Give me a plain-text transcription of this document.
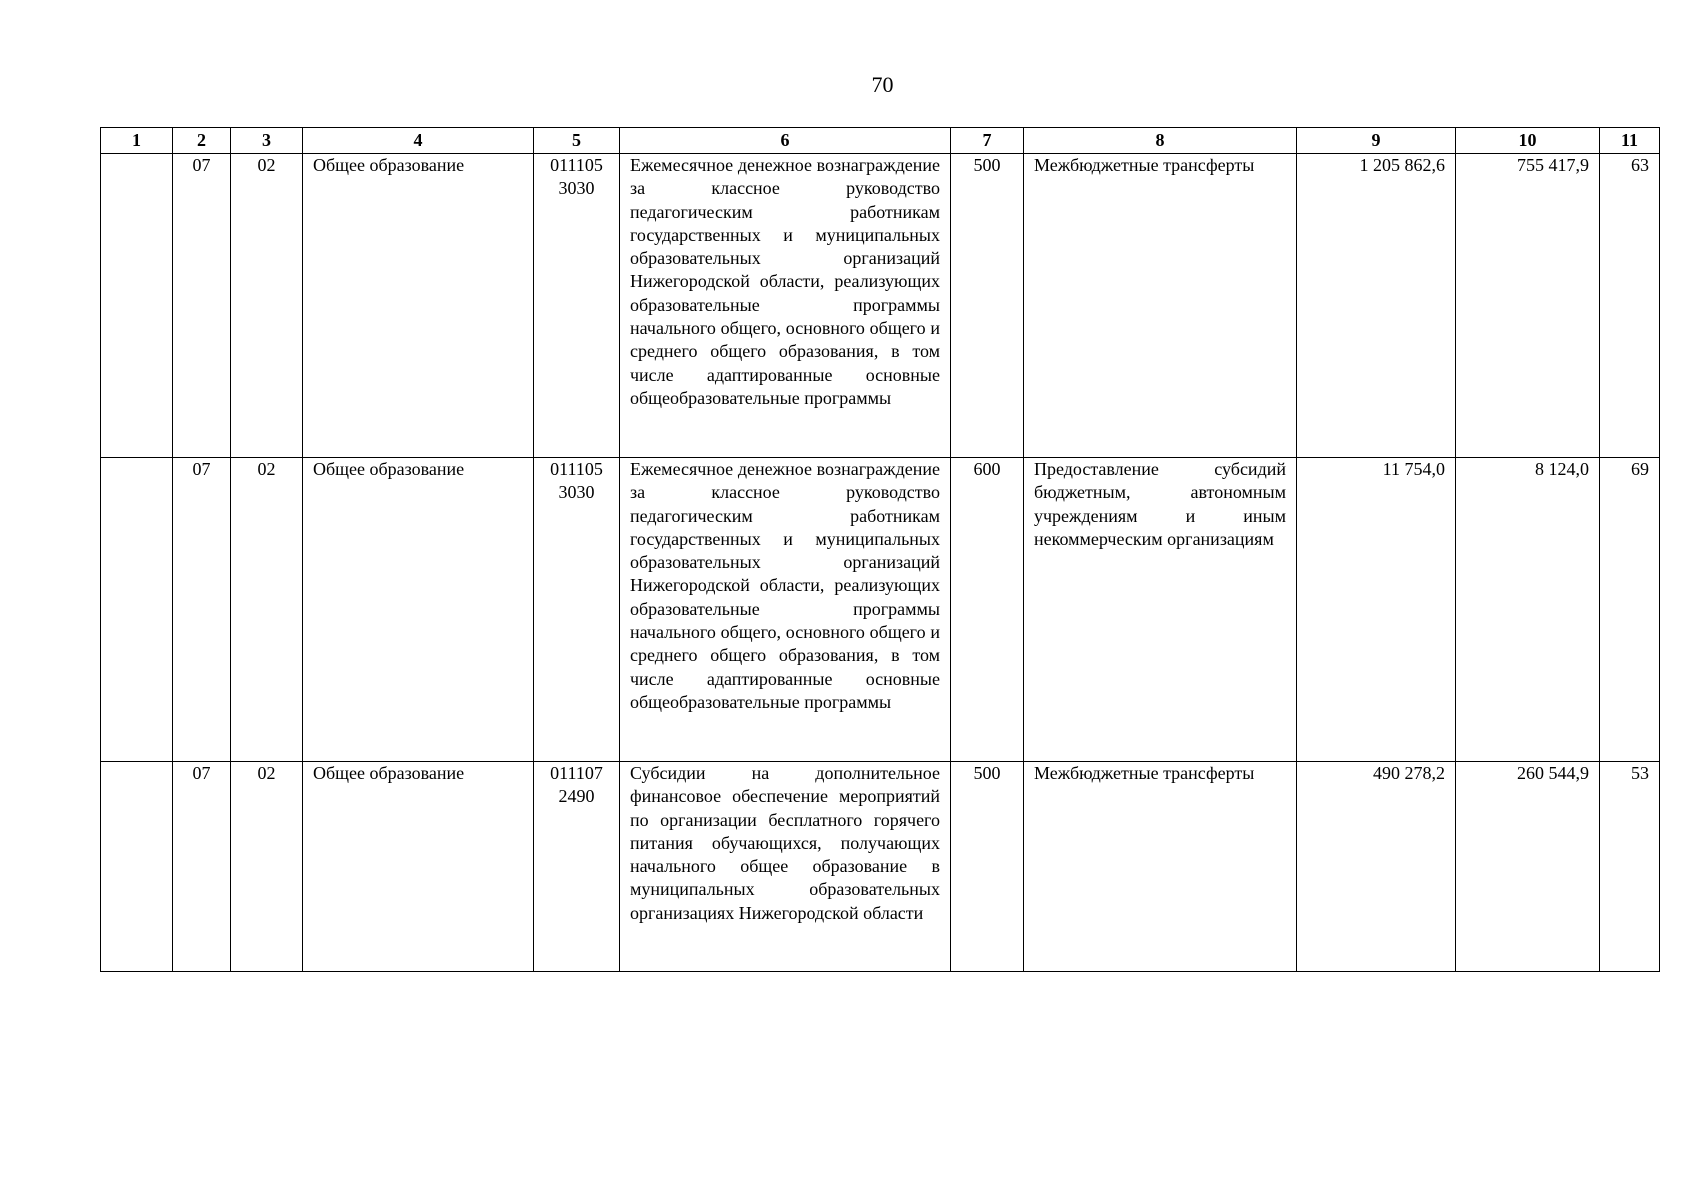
70
1	2	3	4	5	6	7	8	9	10	11
	07	02	Общее образование	011105 3030	Ежемесячное денежное вознаграждение за классное руководство педагогическим работникам государственных и муниципальных образовательных организаций Нижегородской области, реализующих образовательные программы начального общего, основного общего и среднего общего образования, в том числе адаптированные основные общеобразовательные программы	500	Межбюджетные трансферты	1 205 862,6	755 417,9	63
	07	02	Общее образование	011105 3030	Ежемесячное денежное вознаграждение за классное руководство педагогическим работникам государственных и муниципальных образовательных организаций Нижегородской области, реализующих образовательные программы начального общего, основного общего и среднего общего образования, в том числе адаптированные основные общеобразовательные программы	600	Предоставление субсидий бюджетным, автономным учреждениям и иным некоммерческим организациям	11 754,0	8 124,0	69
	07	02	Общее образование	011107 2490	Субсидии на дополнительное финансовое обеспечение мероприятий по организации бесплатного горячего питания обучающихся, получающих начального общее образование в муниципальных образовательных организациях Нижегородской области	500	Межбюджетные трансферты	490 278,2	260 544,9	53
